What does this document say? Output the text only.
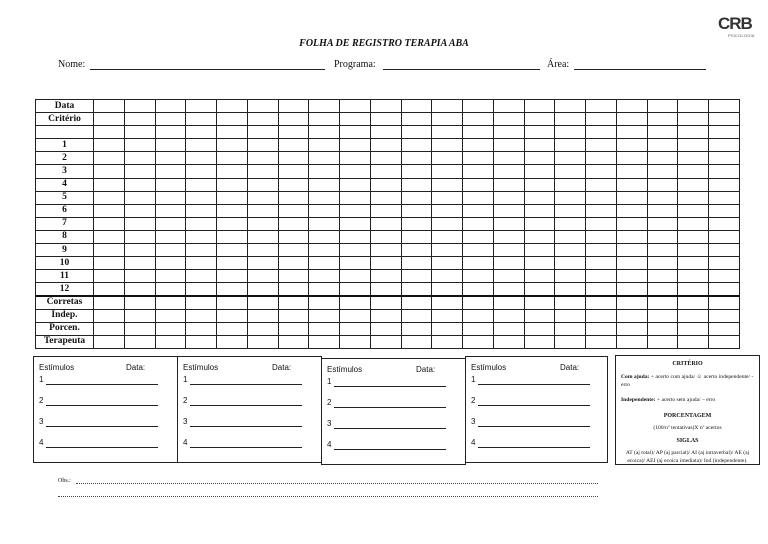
CRB
PSICOLOGIA
FOLHA DE REGISTRO TERAPIA ABA
Nome:	Programa:	Área:
Data																					
Critério																					

1																					
2																					
3																					
4																					
5																					
6																					
7																					
8																					
9																					
10																					
11																					
12																					
Corretas																					
Indep.																					
Porcen.																					
Terapeuta																					
Estímulos	Data:
1
2
3
4
Estímulos	Data:
1
2
3
4
Estímulos	Data:
1
2
3
4
Estímulos	Data:
1
2
3
4
CRITÉRIO
Com ajuda: + acerto com ajuda/ ☺ acerto independente/ - erro
Independente: + acerto sem ajuda/ – erro
PORCENTAGEM
(100/nº tentativas)X nº acertos
SIGLAS
AT (aj total)/ AP (aj parcial)/ AI (aj intraverbal)/ AE (aj ecoica)/ AEI (aj ecoica imediata)/ Ind (independente).
Obs.:
